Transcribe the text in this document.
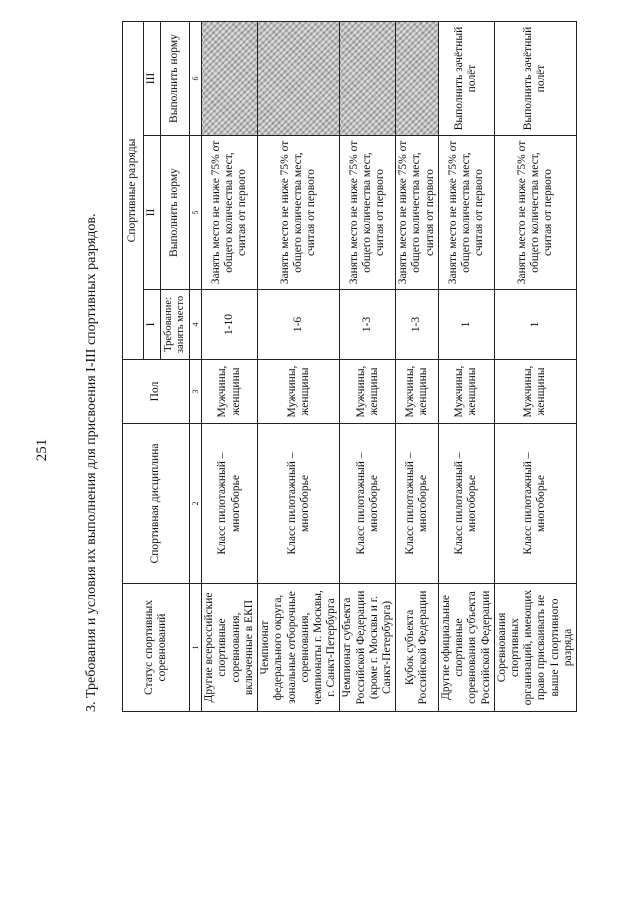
251 3. Требования и условия их выполнения для присвоения I-III спортивных разрядов.	Статус спортивных соревнований	Спортивная дисциплина	Пол	Спортивные разряды		
			I	II	III
			Требование: занять место	Выполнить норму	Выполнить норму
1	2	3	4	5	6
Другие всероссийские спортивные соревнования, включенные в ЕКП	Класс пилотажный – многоборье	Мужчины, женщины	1-10	Занять место не ниже 75% от общего количества мест, считая от первого	
Чемпионат федерального округа, зональные отборочные соревнования, чемпионаты г. Москвы, г. Санкт-Петербурга	Класс пилотажный – многоборье	Мужчины, женщины	1-6	Занять место не ниже 75% от общего количества мест, считая от первого	
Чемпионат субъекта Российской Федерации (кроме г. Москвы и г. Санкт-Петербурга)	Класс пилотажный – многоборье	Мужчины, женщины	1-3	Занять место не ниже 75% от общего количества мест, считая от первого	
Кубок субъекта Российской Федерации	Класс пилотажный – многоборье	Мужчины, женщины	1-3	Занять место не ниже 75% от общего количества мест, считая от первого	
Другие официальные спортивные соревнования субъекта Российской Федерации	Класс пилотажный – многоборье	Мужчины, женщины	1	Занять место не ниже 75% от общего количества мест, считая от первого	Выполнить зачётный полёт
Соревнования спортивных организаций, имеющих право присваивать не выше I спортивного разряда	Класс пилотажный – многоборье	Мужчины, женщины	1	Занять место не ниже 75% от общего количества мест, считая от первого	Выполнить зачётный полёт
